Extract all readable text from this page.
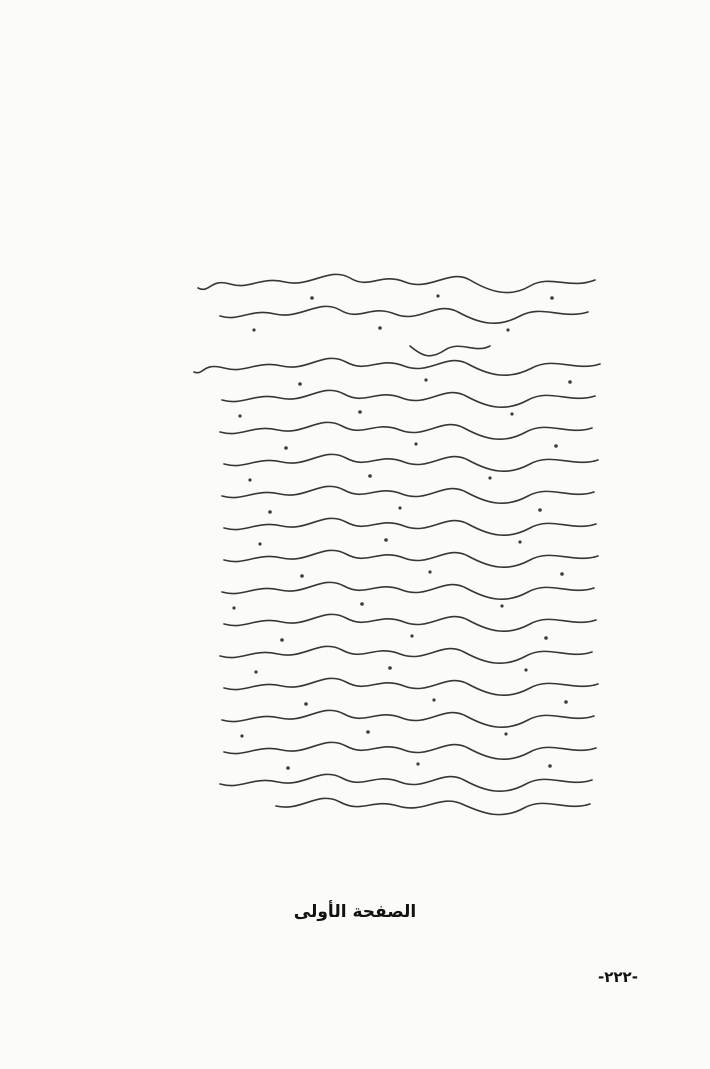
الصفحة الأولى
-٢٢٢-
